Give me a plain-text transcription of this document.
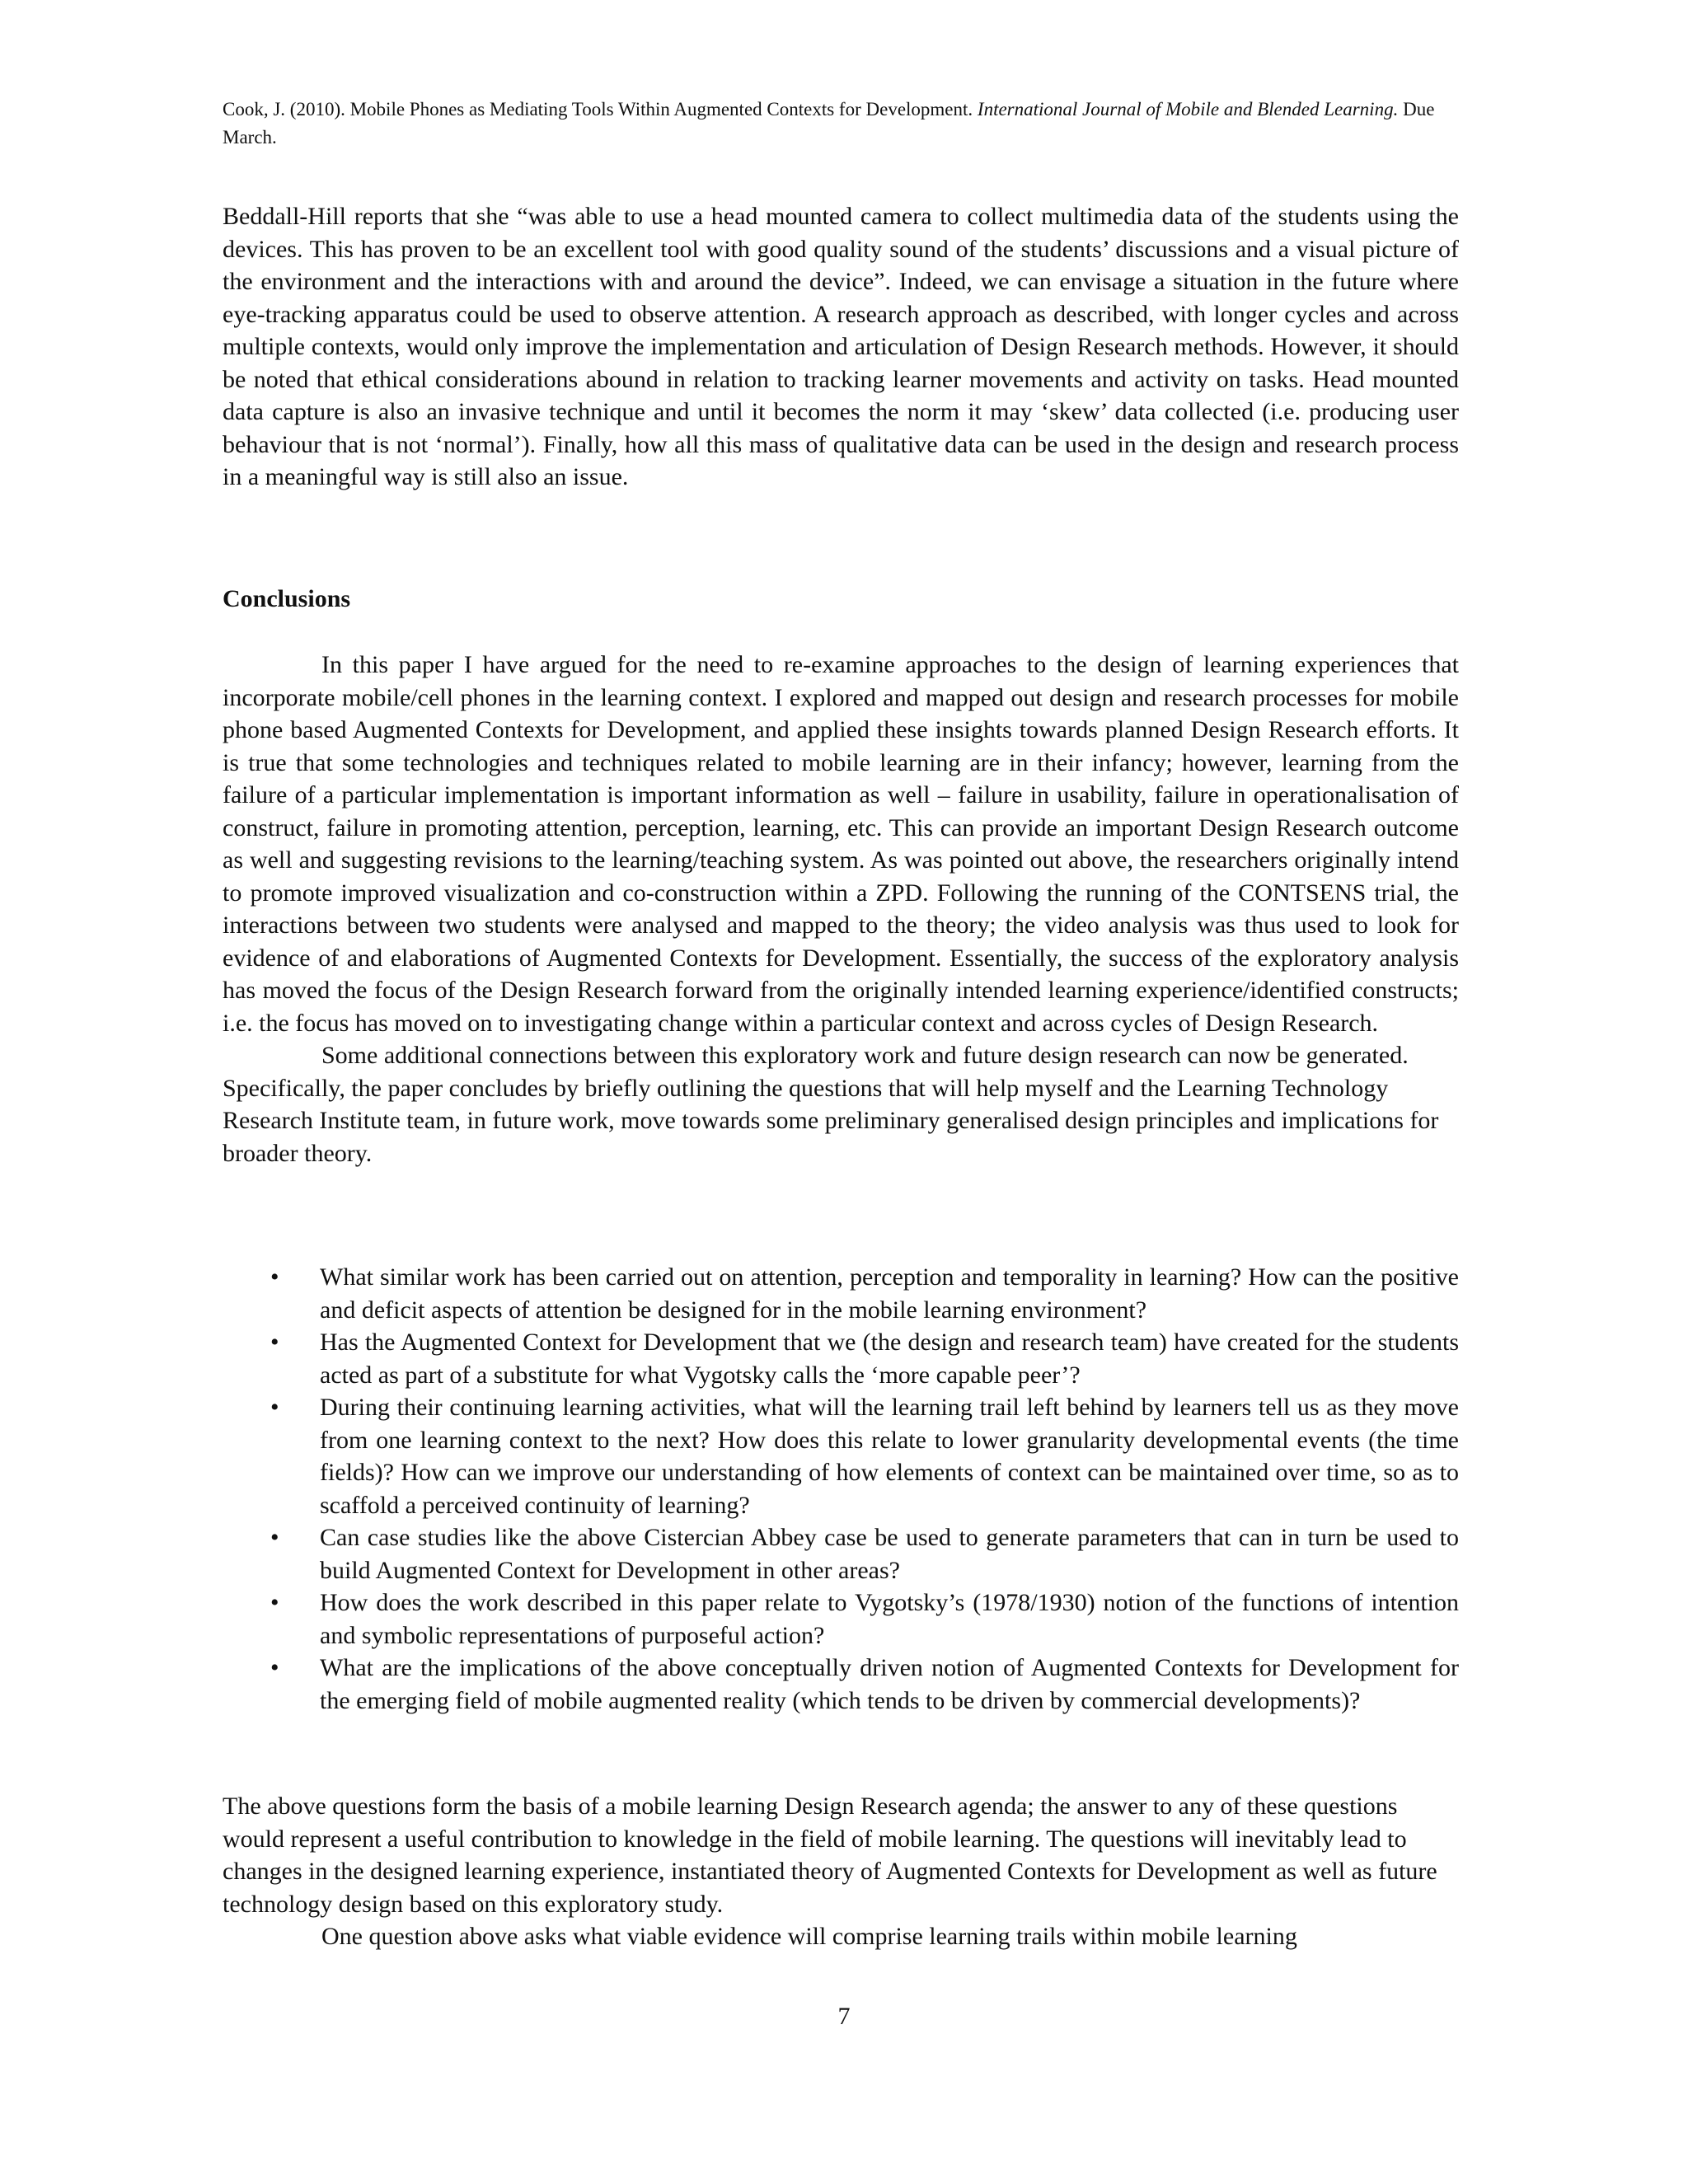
Cook, J. (2010). Mobile Phones as Mediating Tools Within Augmented Contexts for Development. International Journal of Mobile and Blended Learning. Due March.

Beddall-Hill reports that she “was able to use a head mounted camera to collect multimedia data of the students using the devices. This has proven to be an excellent tool with good quality sound of the students’ discussions and a visual picture of the environment and the interactions with and around the device”. Indeed, we can envisage a situation in the future where eye-tracking apparatus could be used to observe attention. A research approach as described, with longer cycles and across multiple contexts, would only improve the implementation and articulation of Design Research methods. However, it should be noted that ethical considerations abound in relation to tracking learner movements and activity on tasks. Head mounted data capture is also an invasive technique and until it becomes the norm it may ‘skew’ data collected (i.e. producing user behaviour that is not ‘normal’). Finally, how all this mass of qualitative data can be used in the design and research process in a meaningful way is still also an issue.

Conclusions

In this paper I have argued for the need to re-examine approaches to the design of learning experiences that incorporate mobile/cell phones in the learning context. I explored and mapped out design and research processes for mobile phone based Augmented Contexts for Development, and applied these insights towards planned Design Research efforts. It is true that some technologies and techniques related to mobile learning are in their infancy; however, learning from the failure of a particular implementation is important information as well – failure in usability, failure in operationalisation of construct, failure in promoting attention, perception, learning, etc. This can provide an important Design Research outcome as well and suggesting revisions to the learning/teaching system. As was pointed out above, the researchers originally intend to promote improved visualization and co-construction within a ZPD. Following the running of the CONTSENS trial, the interactions between two students were analysed and mapped to the theory; the video analysis was thus used to look for evidence of and elaborations of Augmented Contexts for Development. Essentially, the success of the exploratory analysis has moved the focus of the Design Research forward from the originally intended learning experience/identified constructs; i.e. the focus has moved on to investigating change within a particular context and across cycles of Design Research.

Some additional connections between this exploratory work and future design research can now be generated. Specifically, the paper concludes by briefly outlining the questions that will help myself and the Learning Technology Research Institute team, in future work, move towards some preliminary generalised design principles and implications for broader theory.

• What similar work has been carried out on attention, perception and temporality in learning? How can the positive and deficit aspects of attention be designed for in the mobile learning environment?
• Has the Augmented Context for Development that we (the design and research team) have created for the students acted as part of a substitute for what Vygotsky calls the ‘more capable peer’?
• During their continuing learning activities, what will the learning trail left behind by learners tell us as they move from one learning context to the next? How does this relate to lower granularity developmental events (the time fields)? How can we improve our understanding of how elements of context can be maintained over time, so as to scaffold a perceived continuity of learning?
• Can case studies like the above Cistercian Abbey case be used to generate parameters that can in turn be used to build Augmented Context for Development in other areas?
• How does the work described in this paper relate to Vygotsky’s (1978/1930) notion of the functions of intention and symbolic representations of purposeful action?
• What are the implications of the above conceptually driven notion of Augmented Contexts for Development for the emerging field of mobile augmented reality (which tends to be driven by commercial developments)?

The above questions form the basis of a mobile learning Design Research agenda; the answer to any of these questions would represent a useful contribution to knowledge in the field of mobile learning. The questions will inevitably lead to changes in the designed learning experience, instantiated theory of Augmented Contexts for Development as well as future technology design based on this exploratory study.

One question above asks what viable evidence will comprise learning trails within mobile learning

7
